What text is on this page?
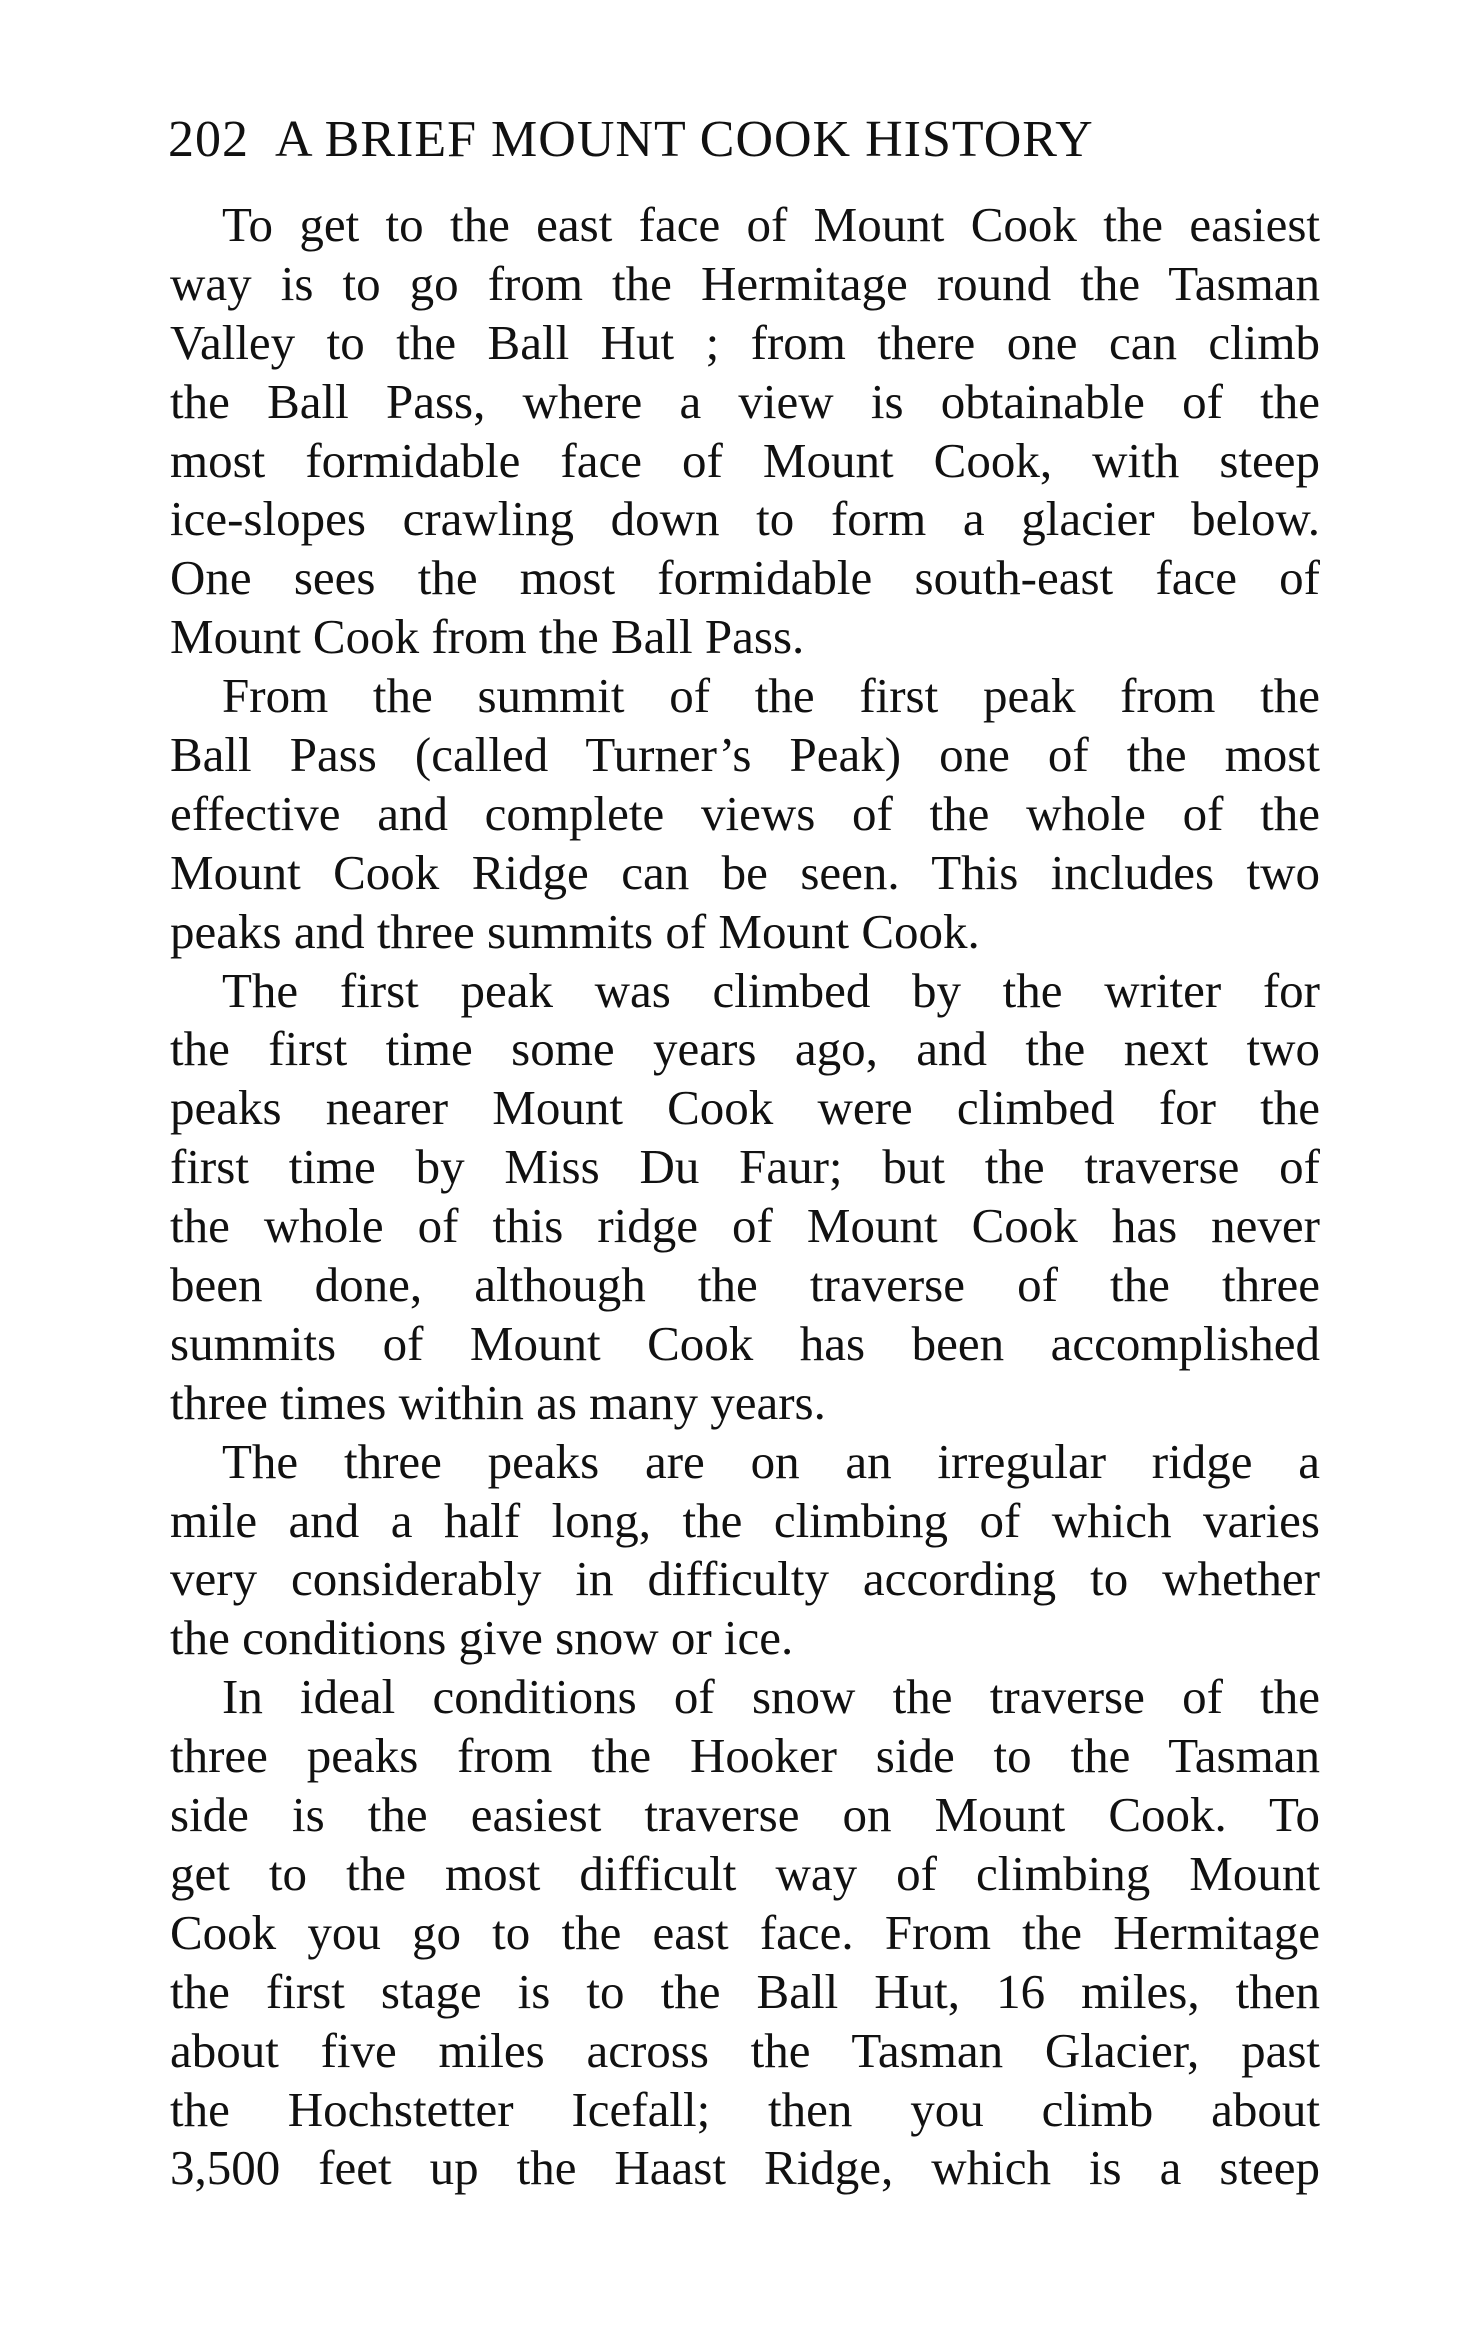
202 A BRIEF MOUNT COOK HISTORY

To get to the east face of Mount Cook the easiest
way is to go from the Hermitage round the Tasman
Valley to the Ball Hut ; from there one can climb
the Ball Pass, where a view is obtainable of the
most formidable face of Mount Cook, with steep
ice-slopes crawling down to form a glacier below.
One sees the most formidable south-east face of
Mount Cook from the Ball Pass.

From the summit of the first peak from the
Ball Pass (called Turner’s Peak) one of the most
effective and complete views of the whole of the
Mount Cook Ridge can be seen. This includes two
peaks and three summits of Mount Cook.

The first peak was climbed by the writer for
the first time some years ago, and the next two
peaks nearer Mount Cook were climbed for the
first time by Miss Du Faur; but the traverse of
the whole of this ridge of Mount Cook has never
been done, although the traverse of the three
summits of Mount Cook has been accomplished
three times within as many years.

The three peaks are on an irregular ridge a
mile and a half long, the climbing of which varies
very considerably in difficulty according to whether
the conditions give snow or ice.

In ideal conditions of snow the traverse of the
three peaks from the Hooker side to the Tasman
side is the easiest traverse on Mount Cook. To
get to the most difficult way of climbing Mount
Cook you go to the east face. From the Hermitage
the first stage is to the Ball Hut, 16 miles, then
about five miles across the Tasman Glacier, past
the Hochstetter Icefall; then you climb about
3,500 feet up the Haast Ridge, which is a steep
